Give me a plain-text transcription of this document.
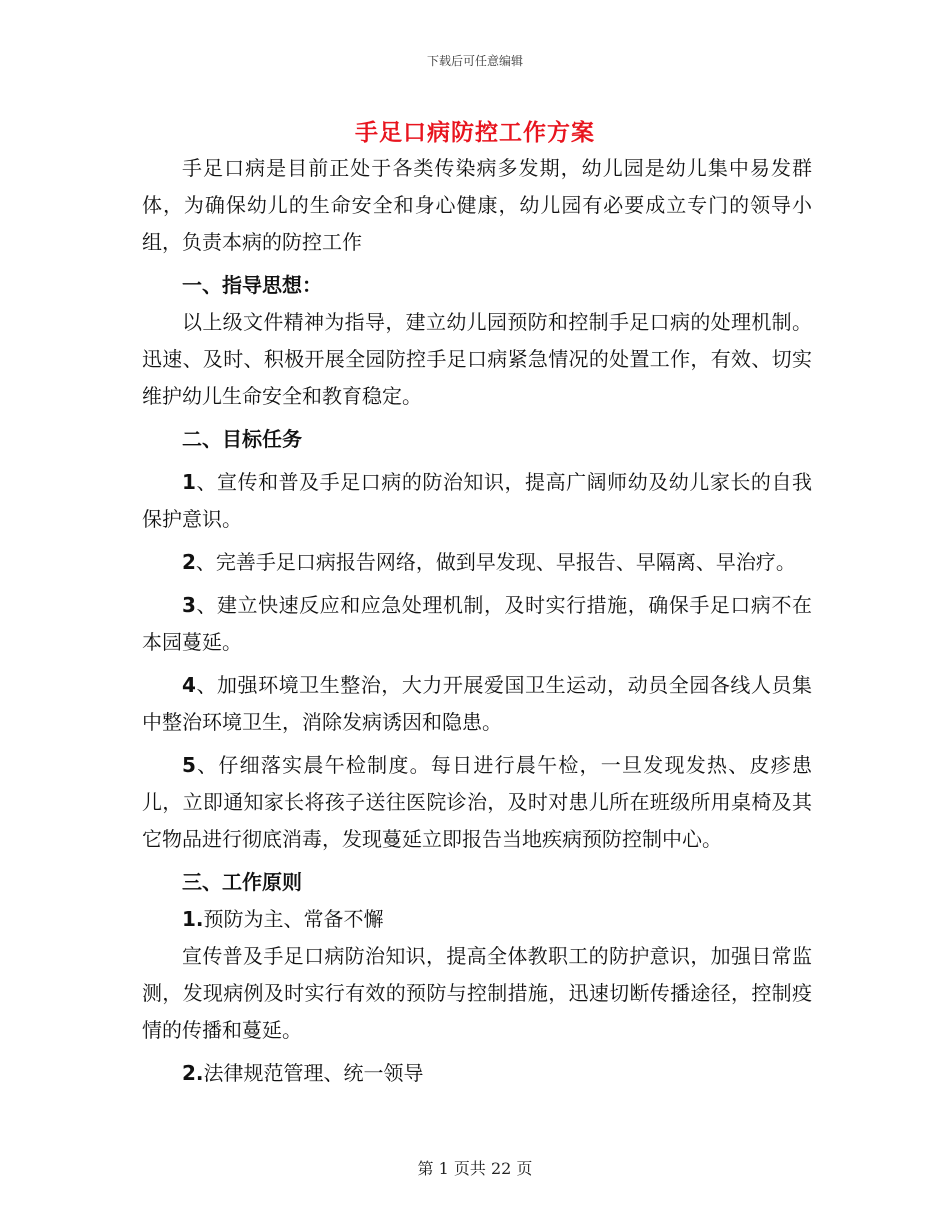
下载后可任意编辑
手足口病防控工作方案

手足口病是目前正处于各类传染病多发期，幼儿园是幼儿集中易发群体，为确保幼儿的生命安全和身心健康，幼儿园有必要成立专门的领导小组，负责本病的防控工作

一、指导思想：

以上级文件精神为指导，建立幼儿园预防和控制手足口病的处理机制。迅速、及时、积极开展全园防控手足口病紧急情况的处置工作，有效、切实维护幼儿生命安全和教育稳定。

二、目标任务

1、宣传和普及手足口病的防治知识，提高广阔师幼及幼儿家长的自我保护意识。

2、完善手足口病报告网络，做到早发现、早报告、早隔离、早治疗。

3、建立快速反应和应急处理机制，及时实行措施，确保手足口病不在本园蔓延。

4、加强环境卫生整治，大力开展爱国卫生运动，动员全园各线人员集中整治环境卫生，消除发病诱因和隐患。

5、仔细落实晨午检制度。每日进行晨午检，一旦发现发热、皮疹患儿，立即通知家长将孩子送往医院诊治，及时对患儿所在班级所用桌椅及其它物品进行彻底消毒，发现蔓延立即报告当地疾病预防控制中心。

三、工作原则

1.预防为主、常备不懈

宣传普及手足口病防治知识，提高全体教职工的防护意识，加强日常监测，发现病例及时实行有效的预防与控制措施，迅速切断传播途径，控制疫情的传播和蔓延。

2.法律规范管理、统一领导

第 1 页共 22 页
